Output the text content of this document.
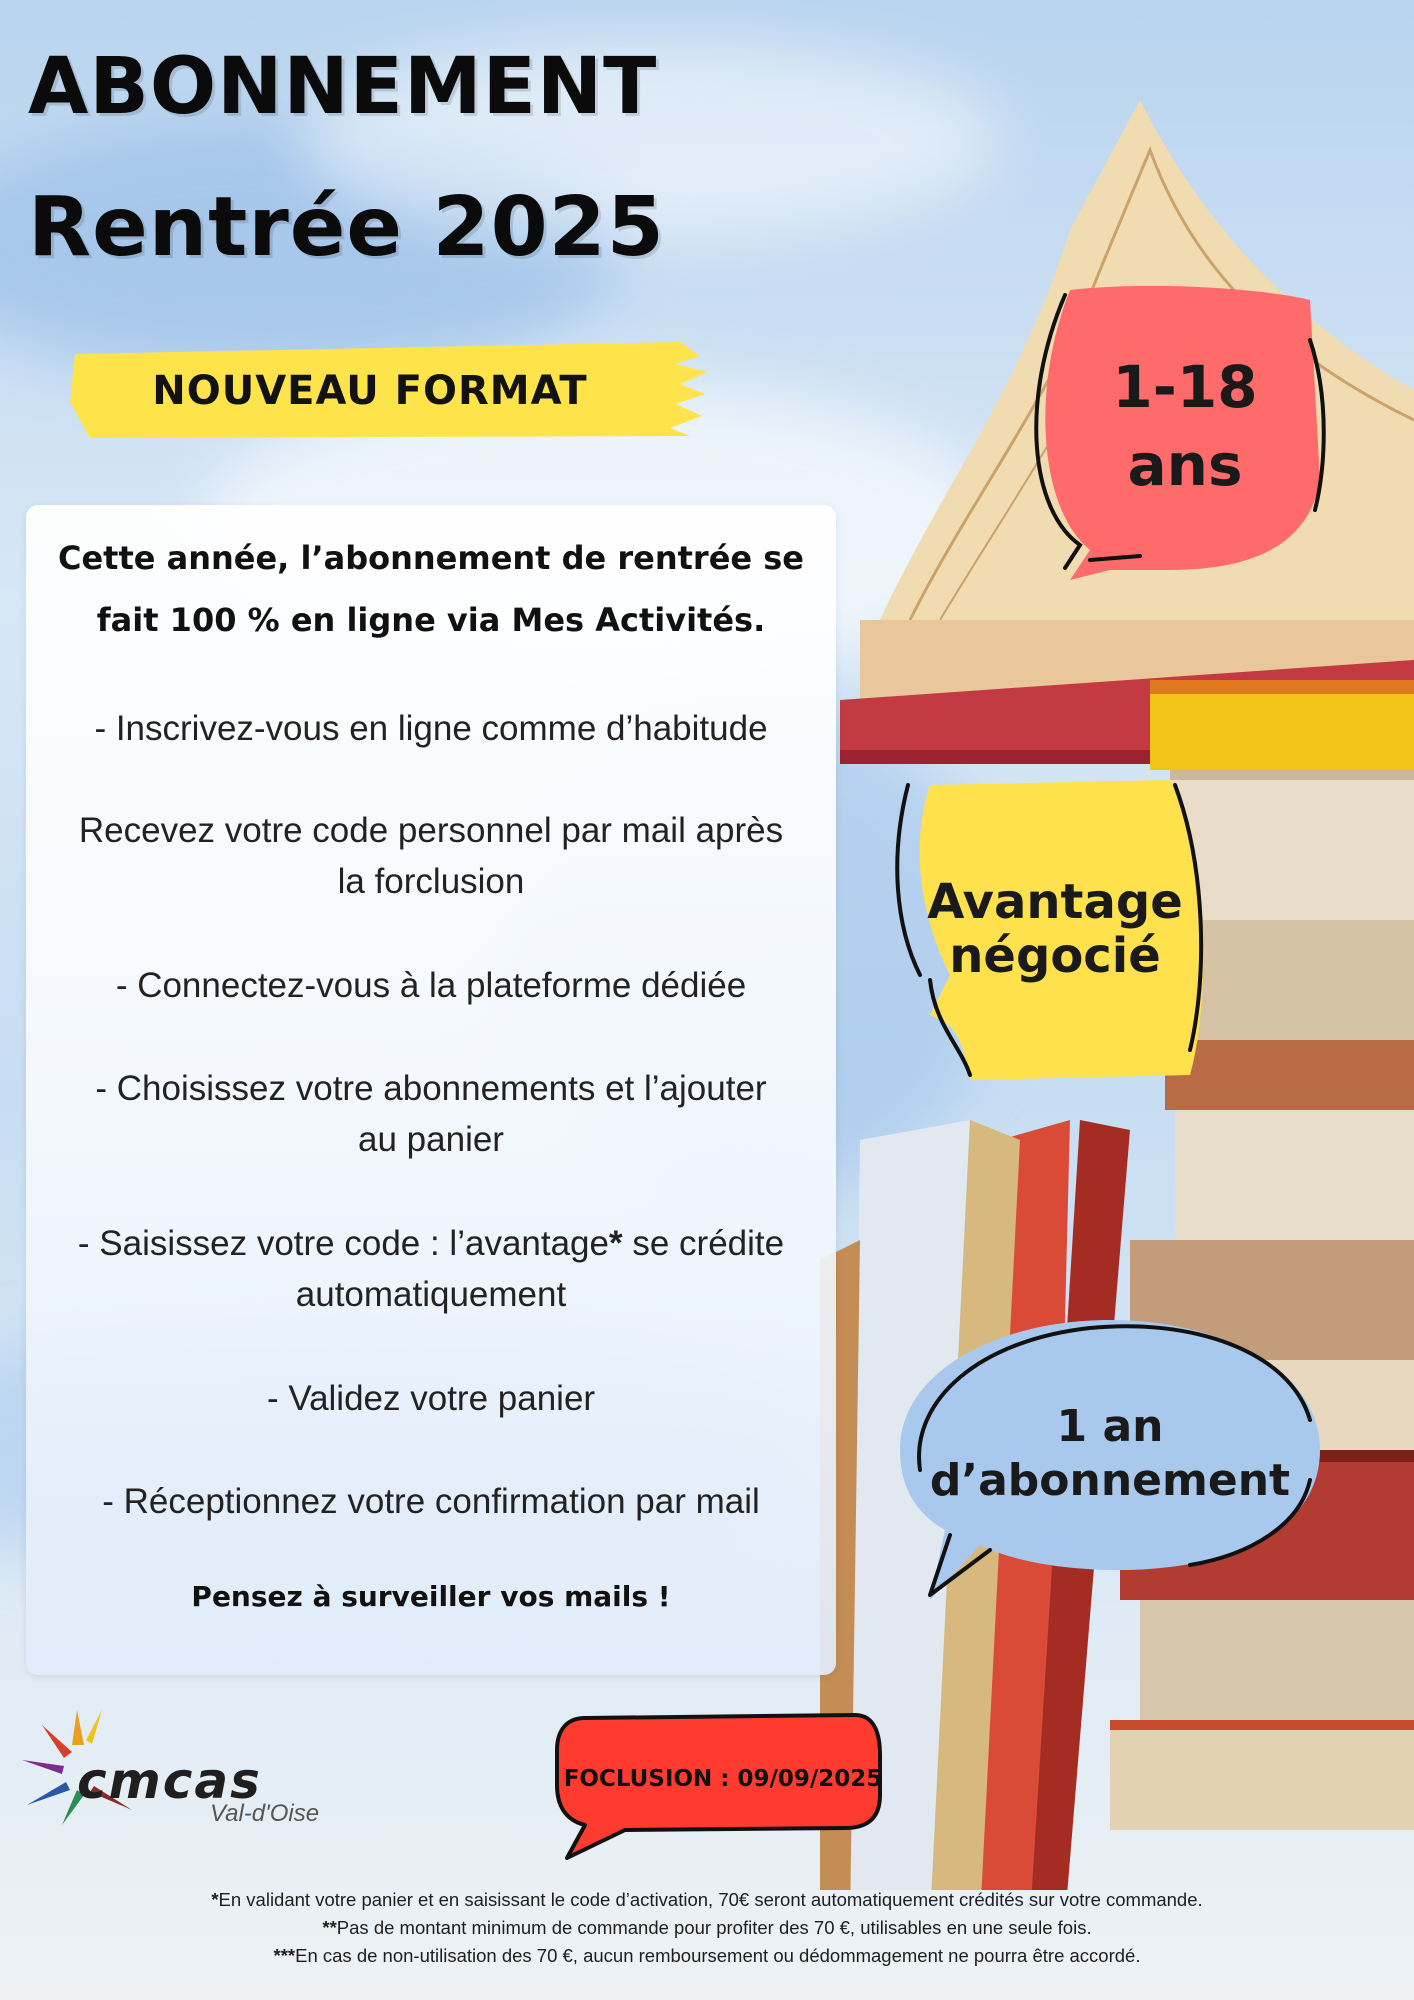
ABONNEMENT
Rentrée 2025
NOUVEAU FORMAT
Cette année, l’abonnement de rentrée se
fait 100 % en ligne via Mes Activités.
- Inscrivez-vous en ligne comme d’habitude
Recevez votre code personnel par mail après
la forclusion
- Connectez-vous à la plateforme dédiée
- Choisissez votre abonnements et l’ajouter
au panier
- Saisissez votre code : l’avantage* se crédite
automatiquement
- Validez votre panier
- Réceptionnez votre confirmation par mail
Pensez à surveiller vos mails !
1-18
ans
Avantage
négocié
1 an
d’abonnement
cmcas
Val-d'Oise
FOCLUSION : 09/09/2025
*En validant votre panier et en saisissant le code d’activation, 70€ seront automatiquement crédités sur votre commande.
**Pas de montant minimum de commande pour profiter des 70 €, utilisables en une seule fois.
***En cas de non-utilisation des 70 €, aucun remboursement ou dédommagement ne pourra être accordé.
